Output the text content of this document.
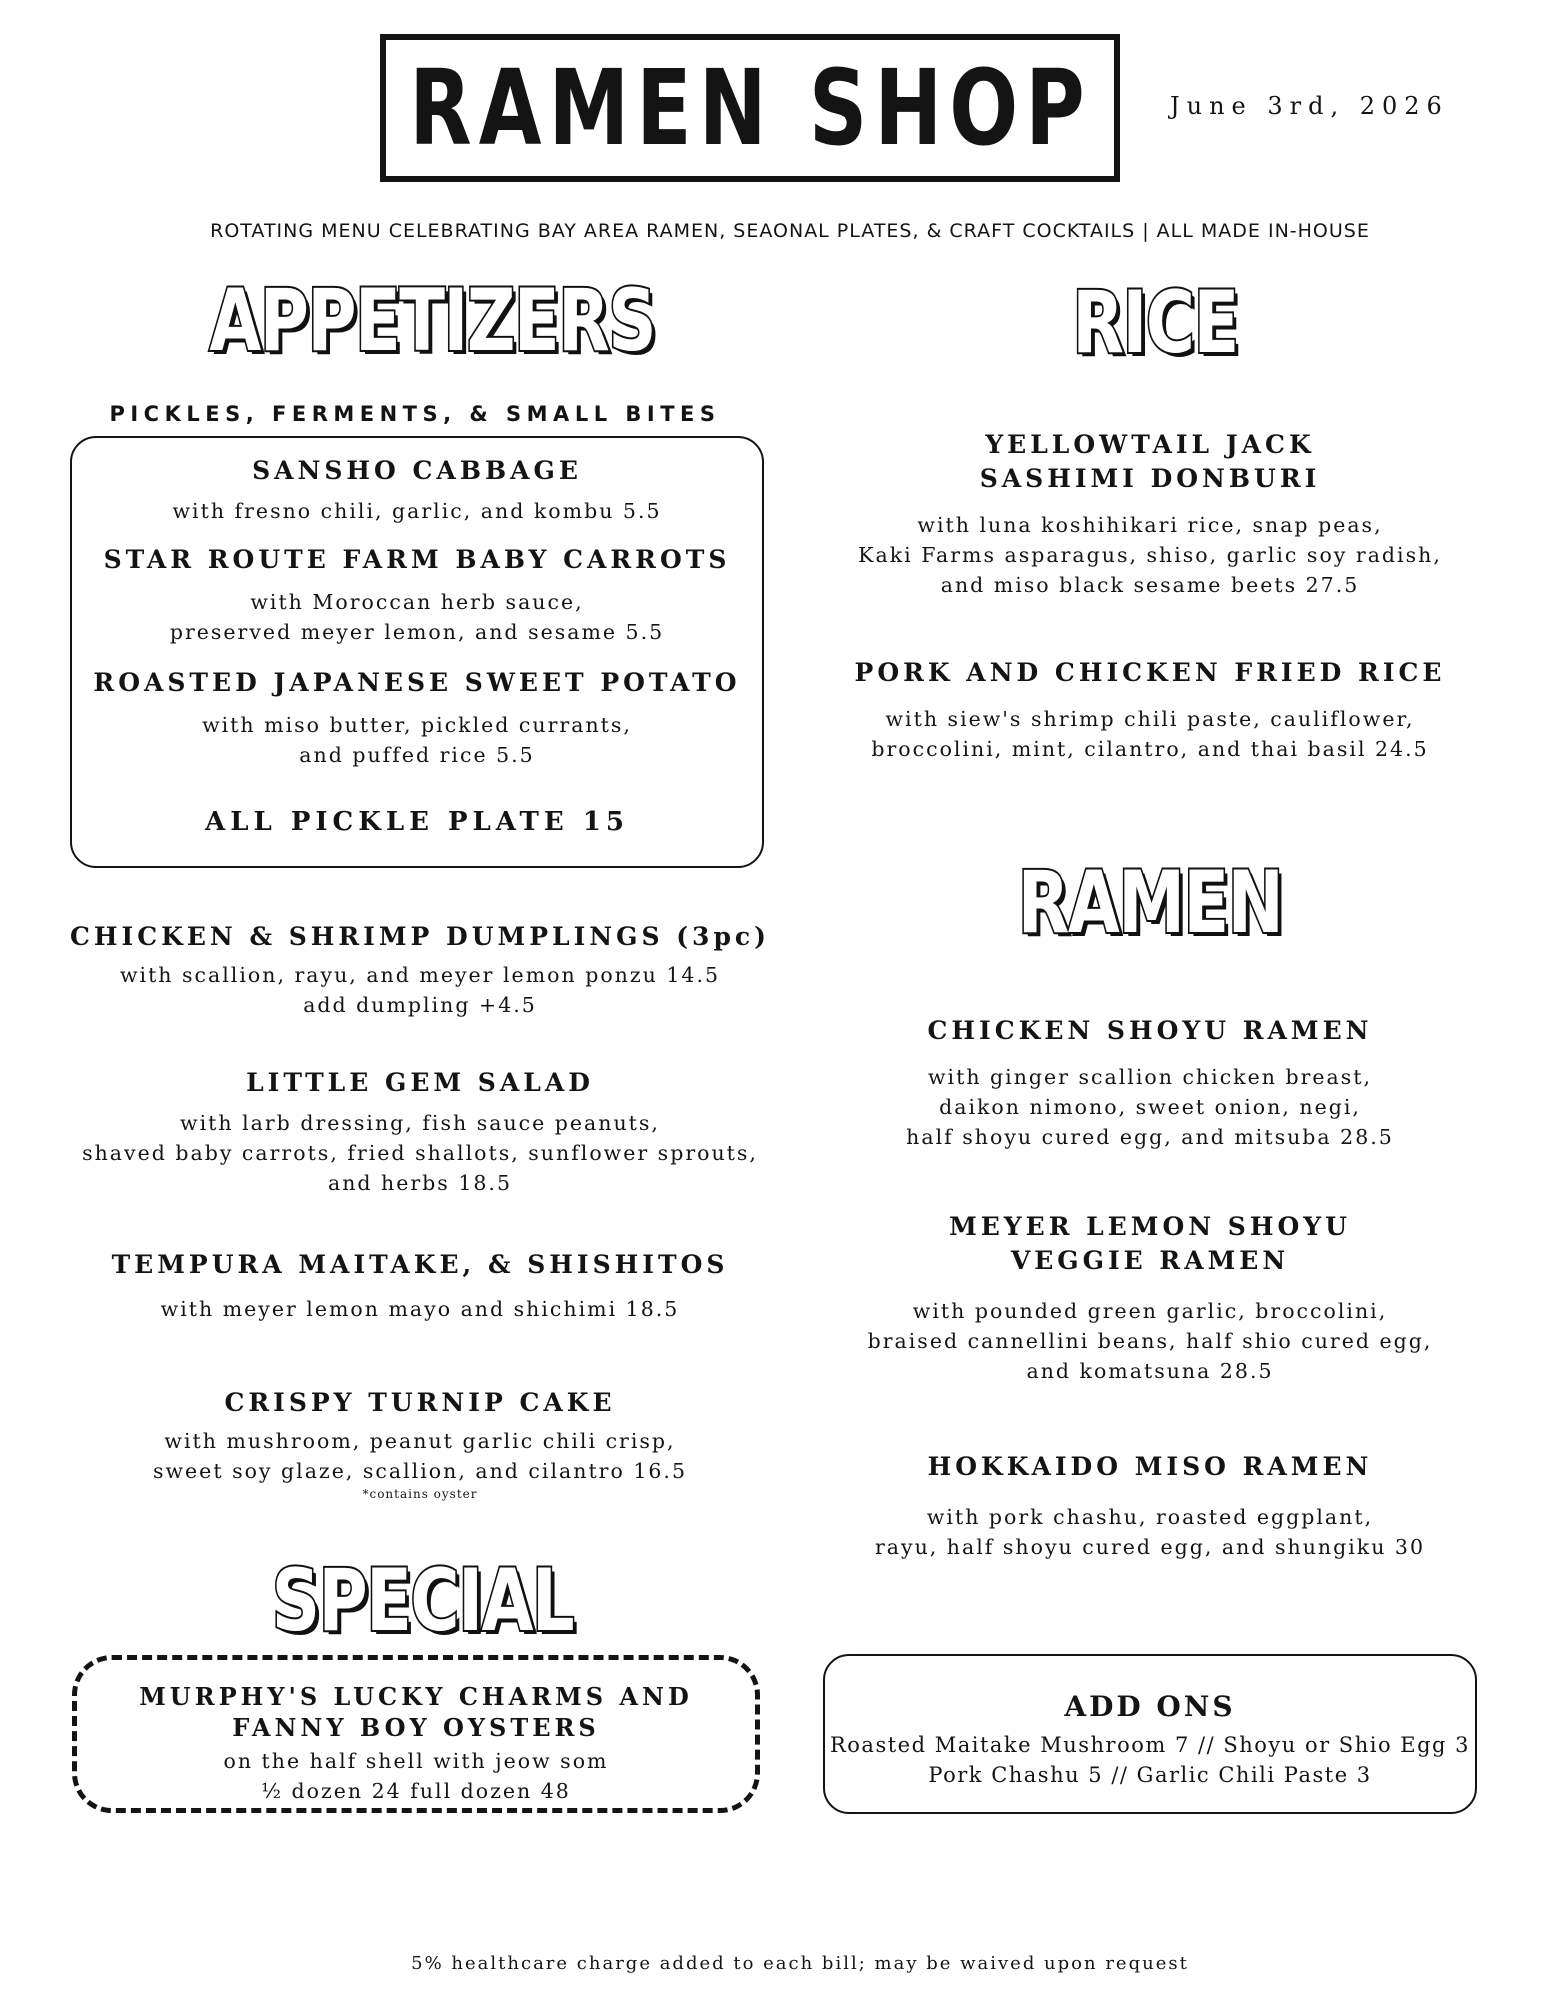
RAMEN SHOP	June 3rd, 2026
ROTATING MENU CELEBRATING BAY AREA RAMEN, SEAONAL PLATES, & CRAFT COCKTAILS | ALL MADE IN-HOUSE
APPETIZERS
PICKLES, FERMENTS, & SMALL BITES
SANSHO CABBAGE
with fresno chili, garlic, and kombu 5.5
STAR ROUTE FARM BABY CARROTS
with Moroccan herb sauce,
preserved meyer lemon, and sesame 5.5
ROASTED JAPANESE SWEET POTATO
with miso butter, pickled currants,
and puffed rice 5.5
ALL PICKLE PLATE 15
CHICKEN & SHRIMP DUMPLINGS (3pc)
with scallion, rayu, and meyer lemon ponzu 14.5
add dumpling +4.5
LITTLE GEM SALAD
with larb dressing, fish sauce peanuts,
shaved baby carrots, fried shallots, sunflower sprouts,
and herbs 18.5
TEMPURA MAITAKE, & SHISHITOS
with meyer lemon mayo and shichimi 18.5
CRISPY TURNIP CAKE
with mushroom, peanut garlic chili crisp,
sweet soy glaze, scallion, and cilantro 16.5
*contains oyster
SPECIAL
MURPHY'S LUCKY CHARMS AND
FANNY BOY OYSTERS
on the half shell with jeow som
½ dozen 24 full dozen 48
RICE
YELLOWTAIL JACK
SASHIMI DONBURI
with luna koshihikari rice, snap peas,
Kaki Farms asparagus, shiso, garlic soy radish,
and miso black sesame beets 27.5
PORK AND CHICKEN FRIED RICE
with siew's shrimp chili paste, cauliflower,
broccolini, mint, cilantro, and thai basil 24.5
RAMEN
CHICKEN SHOYU RAMEN
with ginger scallion chicken breast,
daikon nimono, sweet onion, negi,
half shoyu cured egg, and mitsuba 28.5
MEYER LEMON SHOYU
VEGGIE RAMEN
with pounded green garlic, broccolini,
braised cannellini beans, half shio cured egg,
and komatsuna 28.5
HOKKAIDO MISO RAMEN
with pork chashu, roasted eggplant,
rayu, half shoyu cured egg, and shungiku 30
ADD ONS
Roasted Maitake Mushroom 7 // Shoyu or Shio Egg 3
Pork Chashu 5 // Garlic Chili Paste 3
5% healthcare charge added to each bill; may be waived upon request
